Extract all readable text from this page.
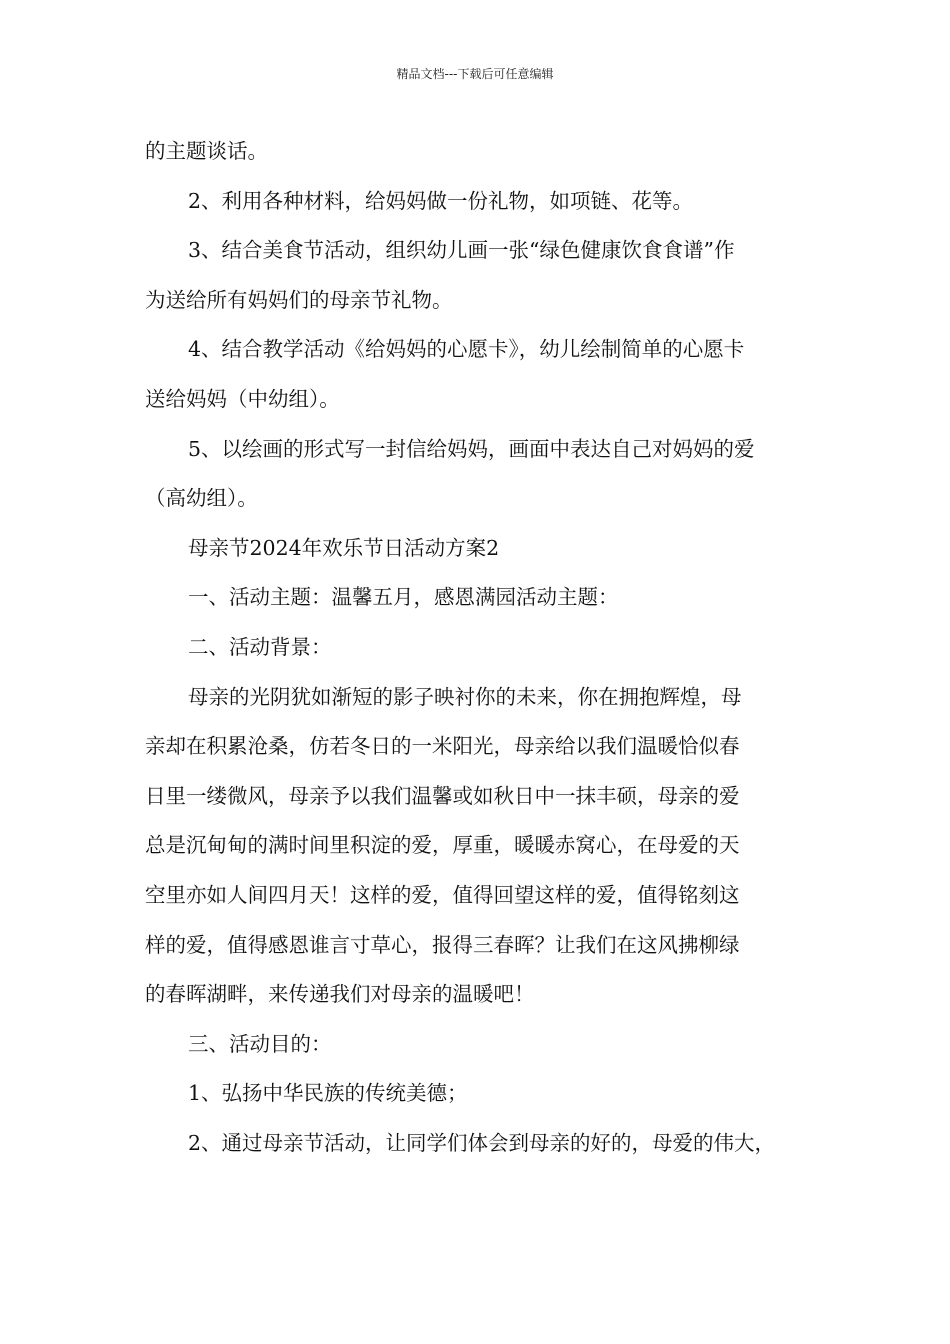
精品文档---下载后可任意编辑
的主题谈话。
2、利用各种材料，给妈妈做一份礼物，如项链、花等。
3、结合美食节活动，组织幼儿画一张“绿色健康饮食食谱”作
为送给所有妈妈们的母亲节礼物。
4、结合教学活动《给妈妈的心愿卡》，幼儿绘制简单的心愿卡
送给妈妈（中幼组）。
5、以绘画的形式写一封信给妈妈，画面中表达自己对妈妈的爱
（高幼组）。
母亲节2024年欢乐节日活动方案2
一、活动主题：温馨五月，感恩满园活动主题：
二、活动背景：
母亲的光阴犹如渐短的影子映衬你的未来，你在拥抱辉煌，母
亲却在积累沧桑，仿若冬日的一米阳光，母亲给以我们温暖恰似春
日里一缕微风，母亲予以我们温馨或如秋日中一抹丰硕，母亲的爱
总是沉甸甸的满时间里积淀的爱，厚重，暖暖赤窝心，在母爱的天
空里亦如人间四月天！这样的爱，值得回望这样的爱，值得铭刻这
样的爱，值得感恩谁言寸草心，报得三春晖？让我们在这风拂柳绿
的春晖湖畔，来传递我们对母亲的温暖吧！
三、活动目的：
1、弘扬中华民族的传统美德；
2、通过母亲节活动，让同学们体会到母亲的好的，母爱的伟大，
